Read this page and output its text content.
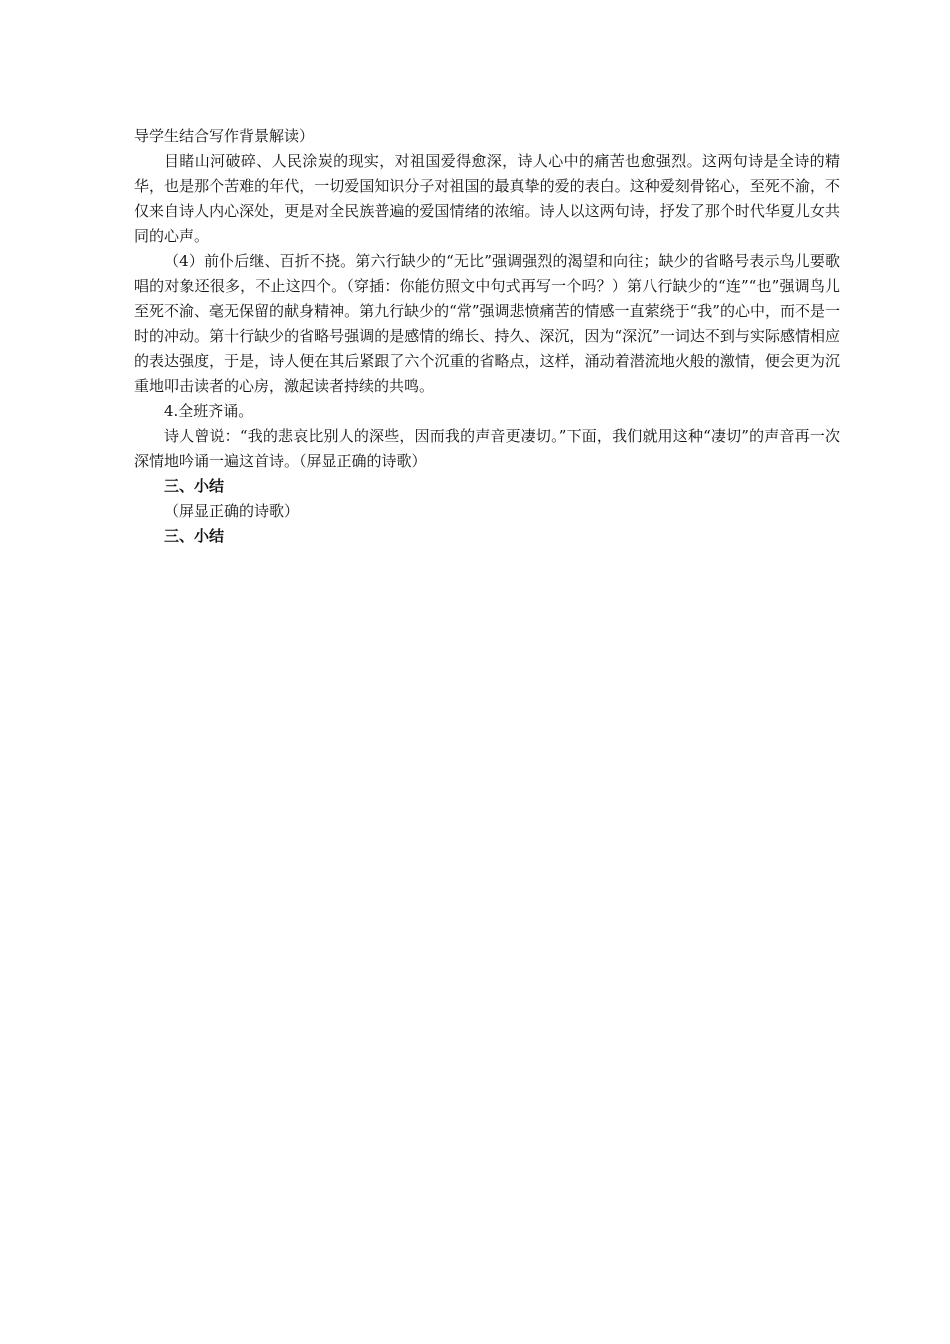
导学生结合写作背景解读）

目睹山河破碎、人民涂炭的现实，对祖国爱得愈深，诗人心中的痛苦也愈强烈。这两句诗是全诗的精华，也是那个苦难的年代，一切爱国知识分子对祖国的最真挚的爱的表白。这种爱刻骨铭心，至死不渝，不仅来自诗人内心深处，更是对全民族普遍的爱国情绪的浓缩。诗人以这两句诗，抒发了那个时代华夏儿女共同的心声。

（4）前仆后继、百折不挠。第六行缺少的“无比”强调强烈的渴望和向往；缺少的省略号表示鸟儿要歌唱的对象还很多，不止这四个。（穿插：你能仿照文中句式再写一个吗？）第八行缺少的“连”“也”强调鸟儿至死不渝、毫无保留的献身精神。第九行缺少的“常”强调悲愤痛苦的情感一直萦绕于“我”的心中，而不是一时的冲动。第十行缺少的省略号强调的是感情的绵长、持久、深沉，因为“深沉”一词达不到与实际感情相应的表达强度，于是，诗人便在其后紧跟了六个沉重的省略点，这样，涌动着潜流地火般的激情，便会更为沉重地叩击读者的心房，激起读者持续的共鸣。

4.全班齐诵。

诗人曾说：“我的悲哀比别人的深些，因而我的声音更凄切。”下面，我们就用这种“凄切”的声音再一次深情地吟诵一遍这首诗。（屏显正确的诗歌）

三、小结

（屏显正确的诗歌）

三、小结
